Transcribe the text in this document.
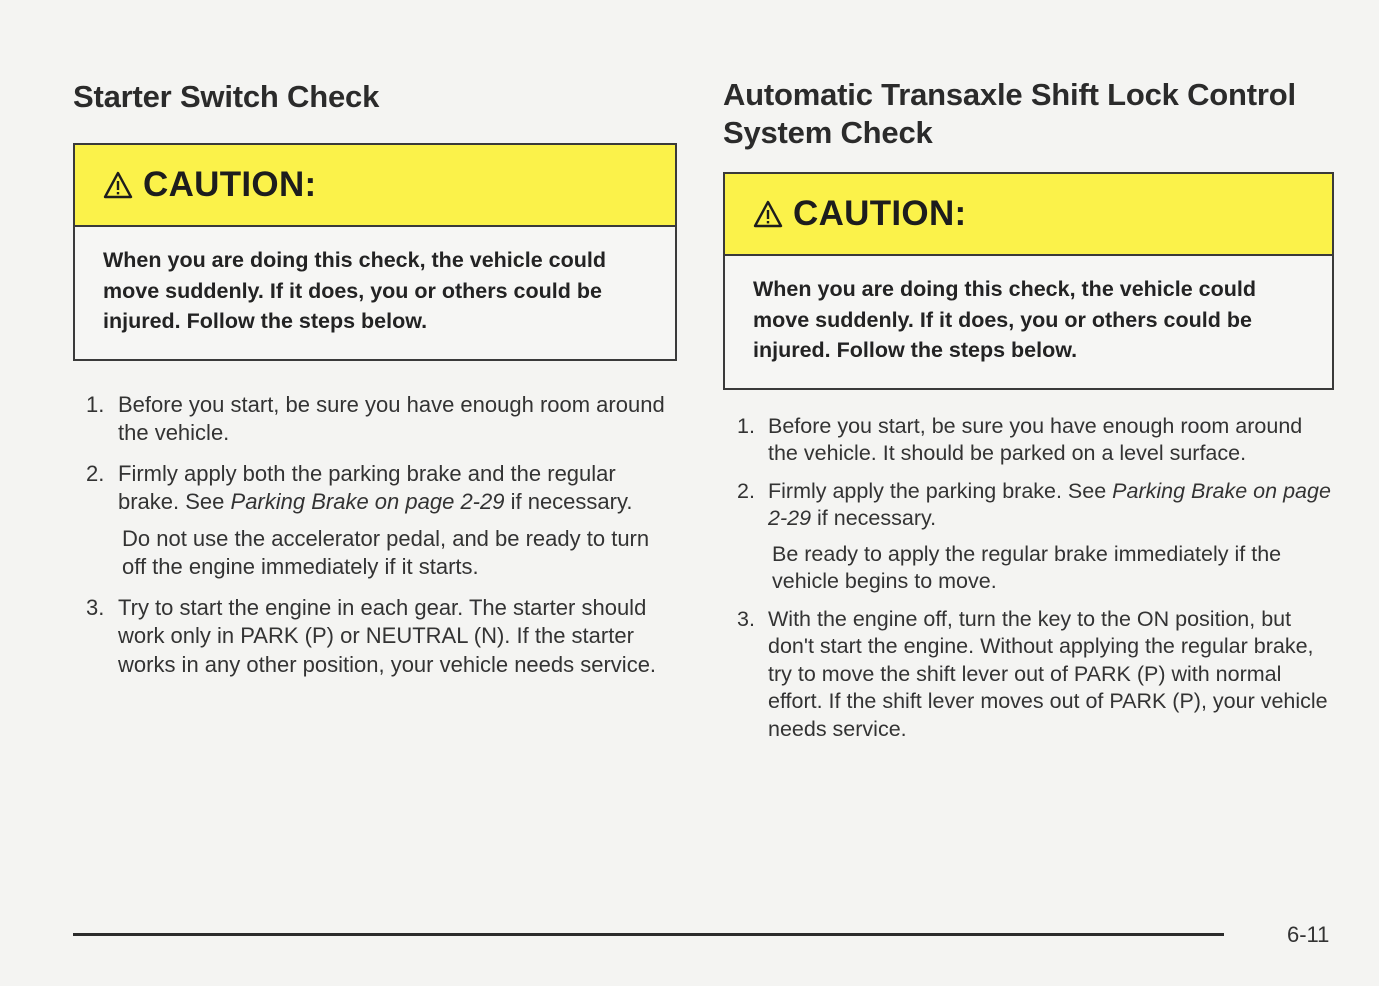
Starter Switch Check
CAUTION:
When you are doing this check, the vehicle could move suddenly. If it does, you or others could be injured. Follow the steps below.
1. Before you start, be sure you have enough room around the vehicle.
2. Firmly apply both the parking brake and the regular brake. See Parking Brake on page 2-29 if necessary.
Do not use the accelerator pedal, and be ready to turn off the engine immediately if it starts.
3. Try to start the engine in each gear. The starter should work only in PARK (P) or NEUTRAL (N). If the starter works in any other position, your vehicle needs service.
Automatic Transaxle Shift Lock Control System Check
CAUTION:
When you are doing this check, the vehicle could move suddenly. If it does, you or others could be injured. Follow the steps below.
1. Before you start, be sure you have enough room around the vehicle. It should be parked on a level surface.
2. Firmly apply the parking brake. See Parking Brake on page 2-29 if necessary.
Be ready to apply the regular brake immediately if the vehicle begins to move.
3. With the engine off, turn the key to the ON position, but don't start the engine. Without applying the regular brake, try to move the shift lever out of PARK (P) with normal effort. If the shift lever moves out of PARK (P), your vehicle needs service.
6-11
